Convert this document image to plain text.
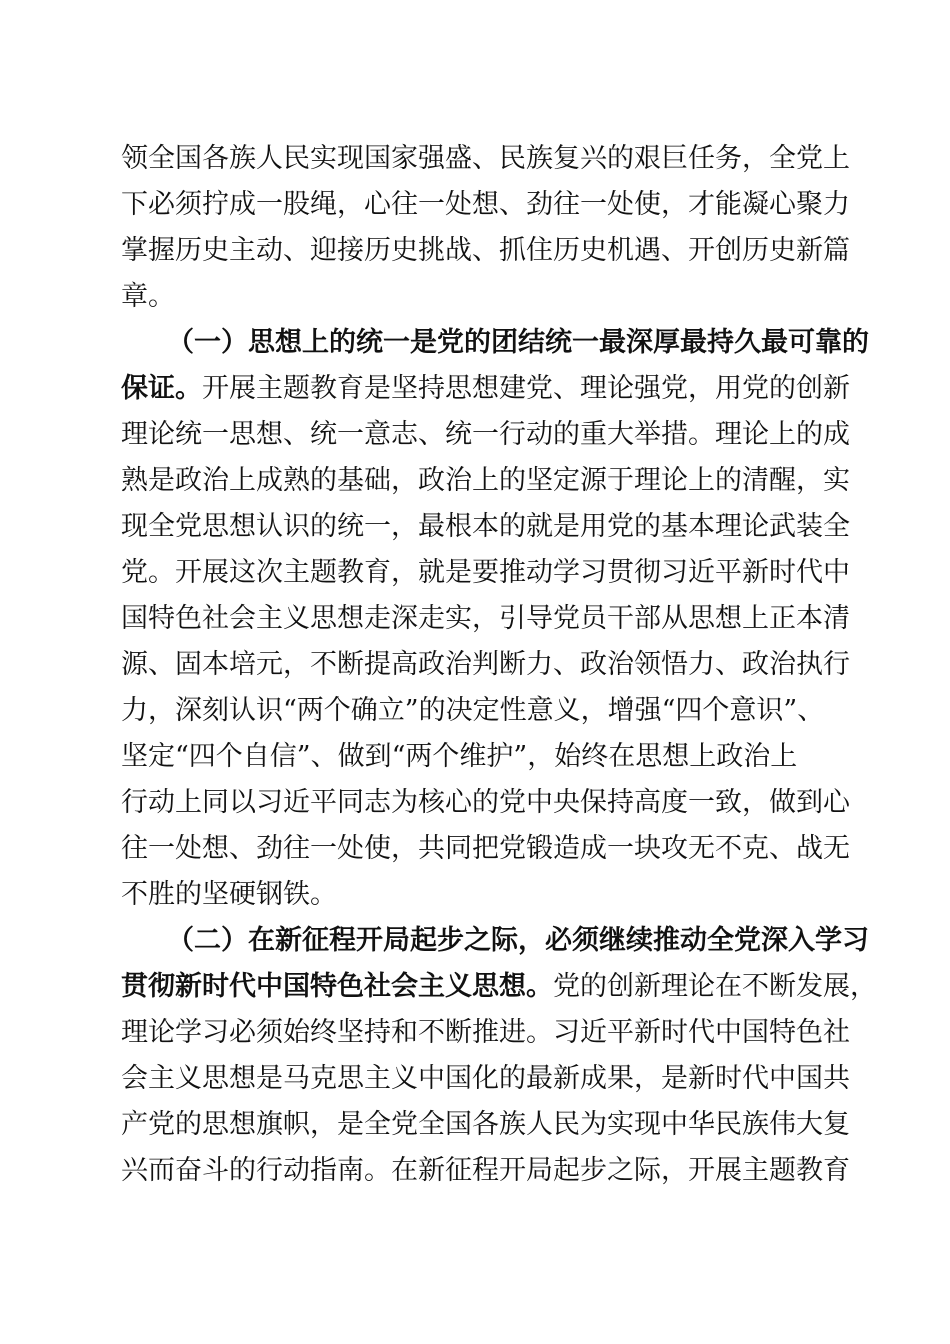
领全国各族人民实现国家强盛、民族复兴的艰巨任务，全党上
下必须拧成一股绳，心往一处想、劲往一处使，才能凝心聚力
掌握历史主动、迎接历史挑战、抓住历史机遇、开创历史新篇
章。
（一）思想上的统一是党的团结统一最深厚最持久最可靠的
保证。开展主题教育是坚持思想建党、理论强党，用党的创新
理论统一思想、统一意志、统一行动的重大举措。理论上的成
熟是政治上成熟的基础，政治上的坚定源于理论上的清醒，实
现全党思想认识的统一，最根本的就是用党的基本理论武装全
党。开展这次主题教育，就是要推动学习贯彻习近平新时代中
国特色社会主义思想走深走实，引导党员干部从思想上正本清
源、固本培元，不断提高政治判断力、政治领悟力、政治执行
力，深刻认识“两个确立”的决定性意义，增强“四个意识”、
坚定“四个自信”、做到“两个维护”，始终在思想上政治上
行动上同以习近平同志为核心的党中央保持高度一致，做到心
往一处想、劲往一处使，共同把党锻造成一块攻无不克、战无
不胜的坚硬钢铁。
（二）在新征程开局起步之际，必须继续推动全党深入学习
贯彻新时代中国特色社会主义思想。党的创新理论在不断发展，
理论学习必须始终坚持和不断推进。习近平新时代中国特色社
会主义思想是马克思主义中国化的最新成果，是新时代中国共
产党的思想旗帜，是全党全国各族人民为实现中华民族伟大复
兴而奋斗的行动指南。在新征程开局起步之际，开展主题教育
